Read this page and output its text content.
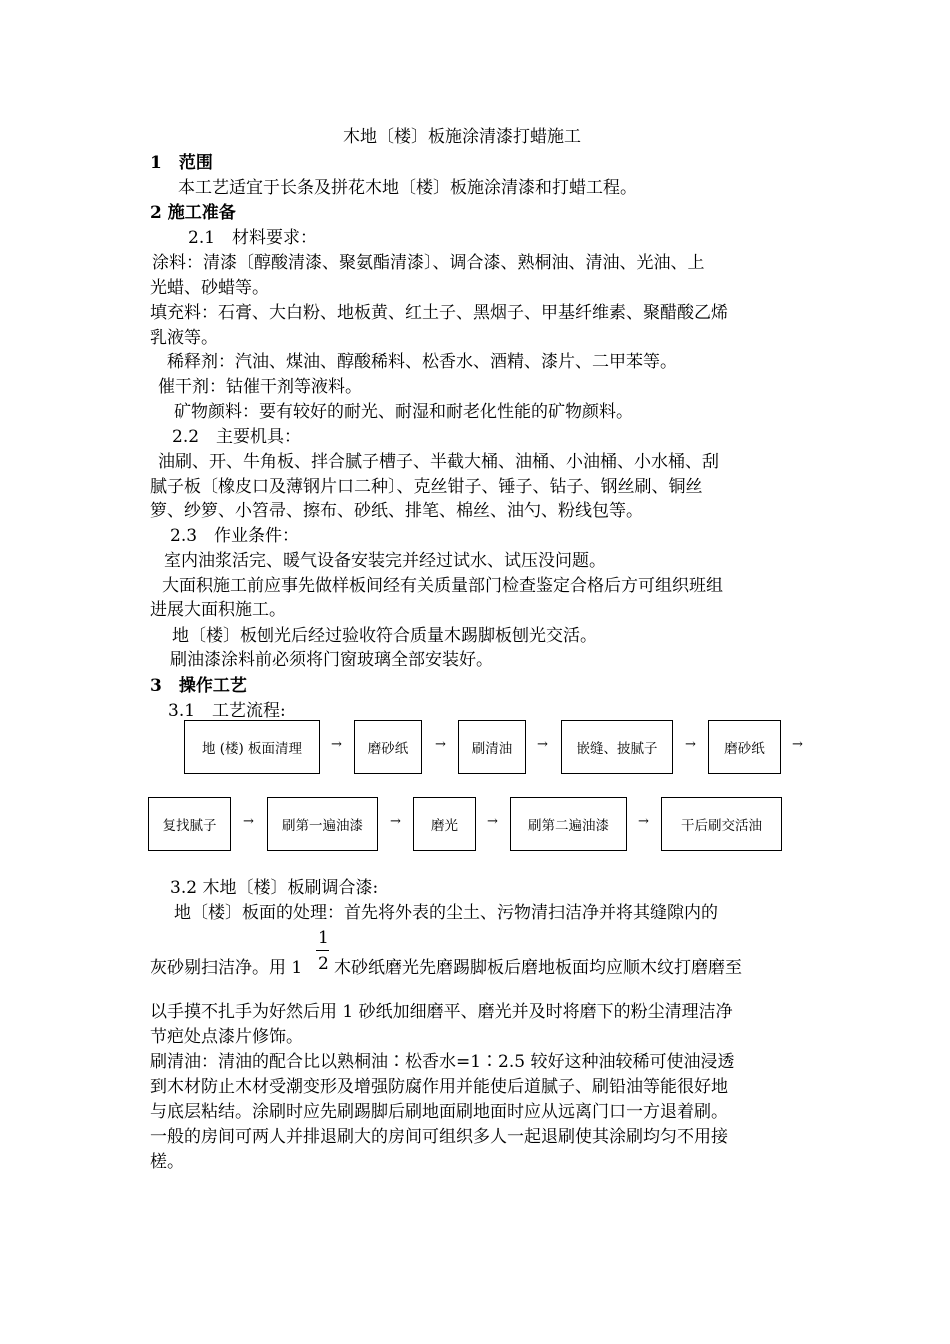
木地〔楼〕板施涂清漆打蜡施工
1　范围
本工艺适宜于长条及拼花木地〔楼〕板施涂清漆和打蜡工程。
2 施工准备
2.1　材料要求：
涂料：清漆〔醇酸清漆、聚氨酯清漆〕、调合漆、熟桐油、清油、光油、上
光蜡、砂蜡等。
填充料：石膏、大白粉、地板黄、红土子、黑烟子、甲基纤维素、聚醋酸乙烯
乳液等。
稀释剂：汽油、煤油、醇酸稀料、松香水、酒精、漆片、二甲苯等。
催干剂：钴催干剂等液料。
矿物颜料：要有较好的耐光、耐湿和耐老化性能的矿物颜料。
2.2　主要机具：
油刷、开、牛角板、拌合腻子槽子、半截大桶、油桶、小油桶、小水桶、刮
腻子板〔橡皮口及薄钢片口二种〕、克丝钳子、锤子、钻子、钢丝刷、铜丝
箩、纱箩、小笤帚、擦布、砂纸、排笔、棉丝、油勺、粉线包等。
2.3　作业条件：
室内油浆活完、暖气设备安装完并经过试水、试压没问题。
大面积施工前应事先做样板间经有关质量部门检查鉴定合格后方可组织班组
进展大面积施工。
地〔楼〕板刨光后经过验收符合质量木踢脚板刨光交活。
刷油漆涂料前必须将门窗玻璃全部安装好。
3　操作工艺
3.1　工艺流程:
地 (楼) 板面清理	→	磨砂纸	→	刷清油	→	嵌缝、披腻子	→	磨砂纸	→
复找腻子	→	刷第一遍油漆	→	磨光	→	刷第二遍油漆	→	干后刷交活油
3.2 木地〔楼〕板刷调合漆:
地〔楼〕板面的处理：首先将外表的尘土、污物清扫洁净并将其缝隙内的
灰砂剔扫洁净。用 1
1
2 木砂纸磨光先磨踢脚板后磨地板面均应顺木纹打磨磨至
以手摸不扎手为好然后用 1 砂纸加细磨平、磨光并及时将磨下的粉尘清理洁净
节疤处点漆片修饰。
刷清油：清油的配合比以熟桐油∶松香水=1∶2.5 较好这种油较稀可使油浸透
到木材防止木材受潮变形及增强防腐作用并能使后道腻子、刷铅油等能很好地
与底层粘结。涂刷时应先刷踢脚后刷地面刷地面时应从远离门口一方退着刷。
一般的房间可两人并排退刷大的房间可组织多人一起退刷使其涂刷均匀不用接
槎。
